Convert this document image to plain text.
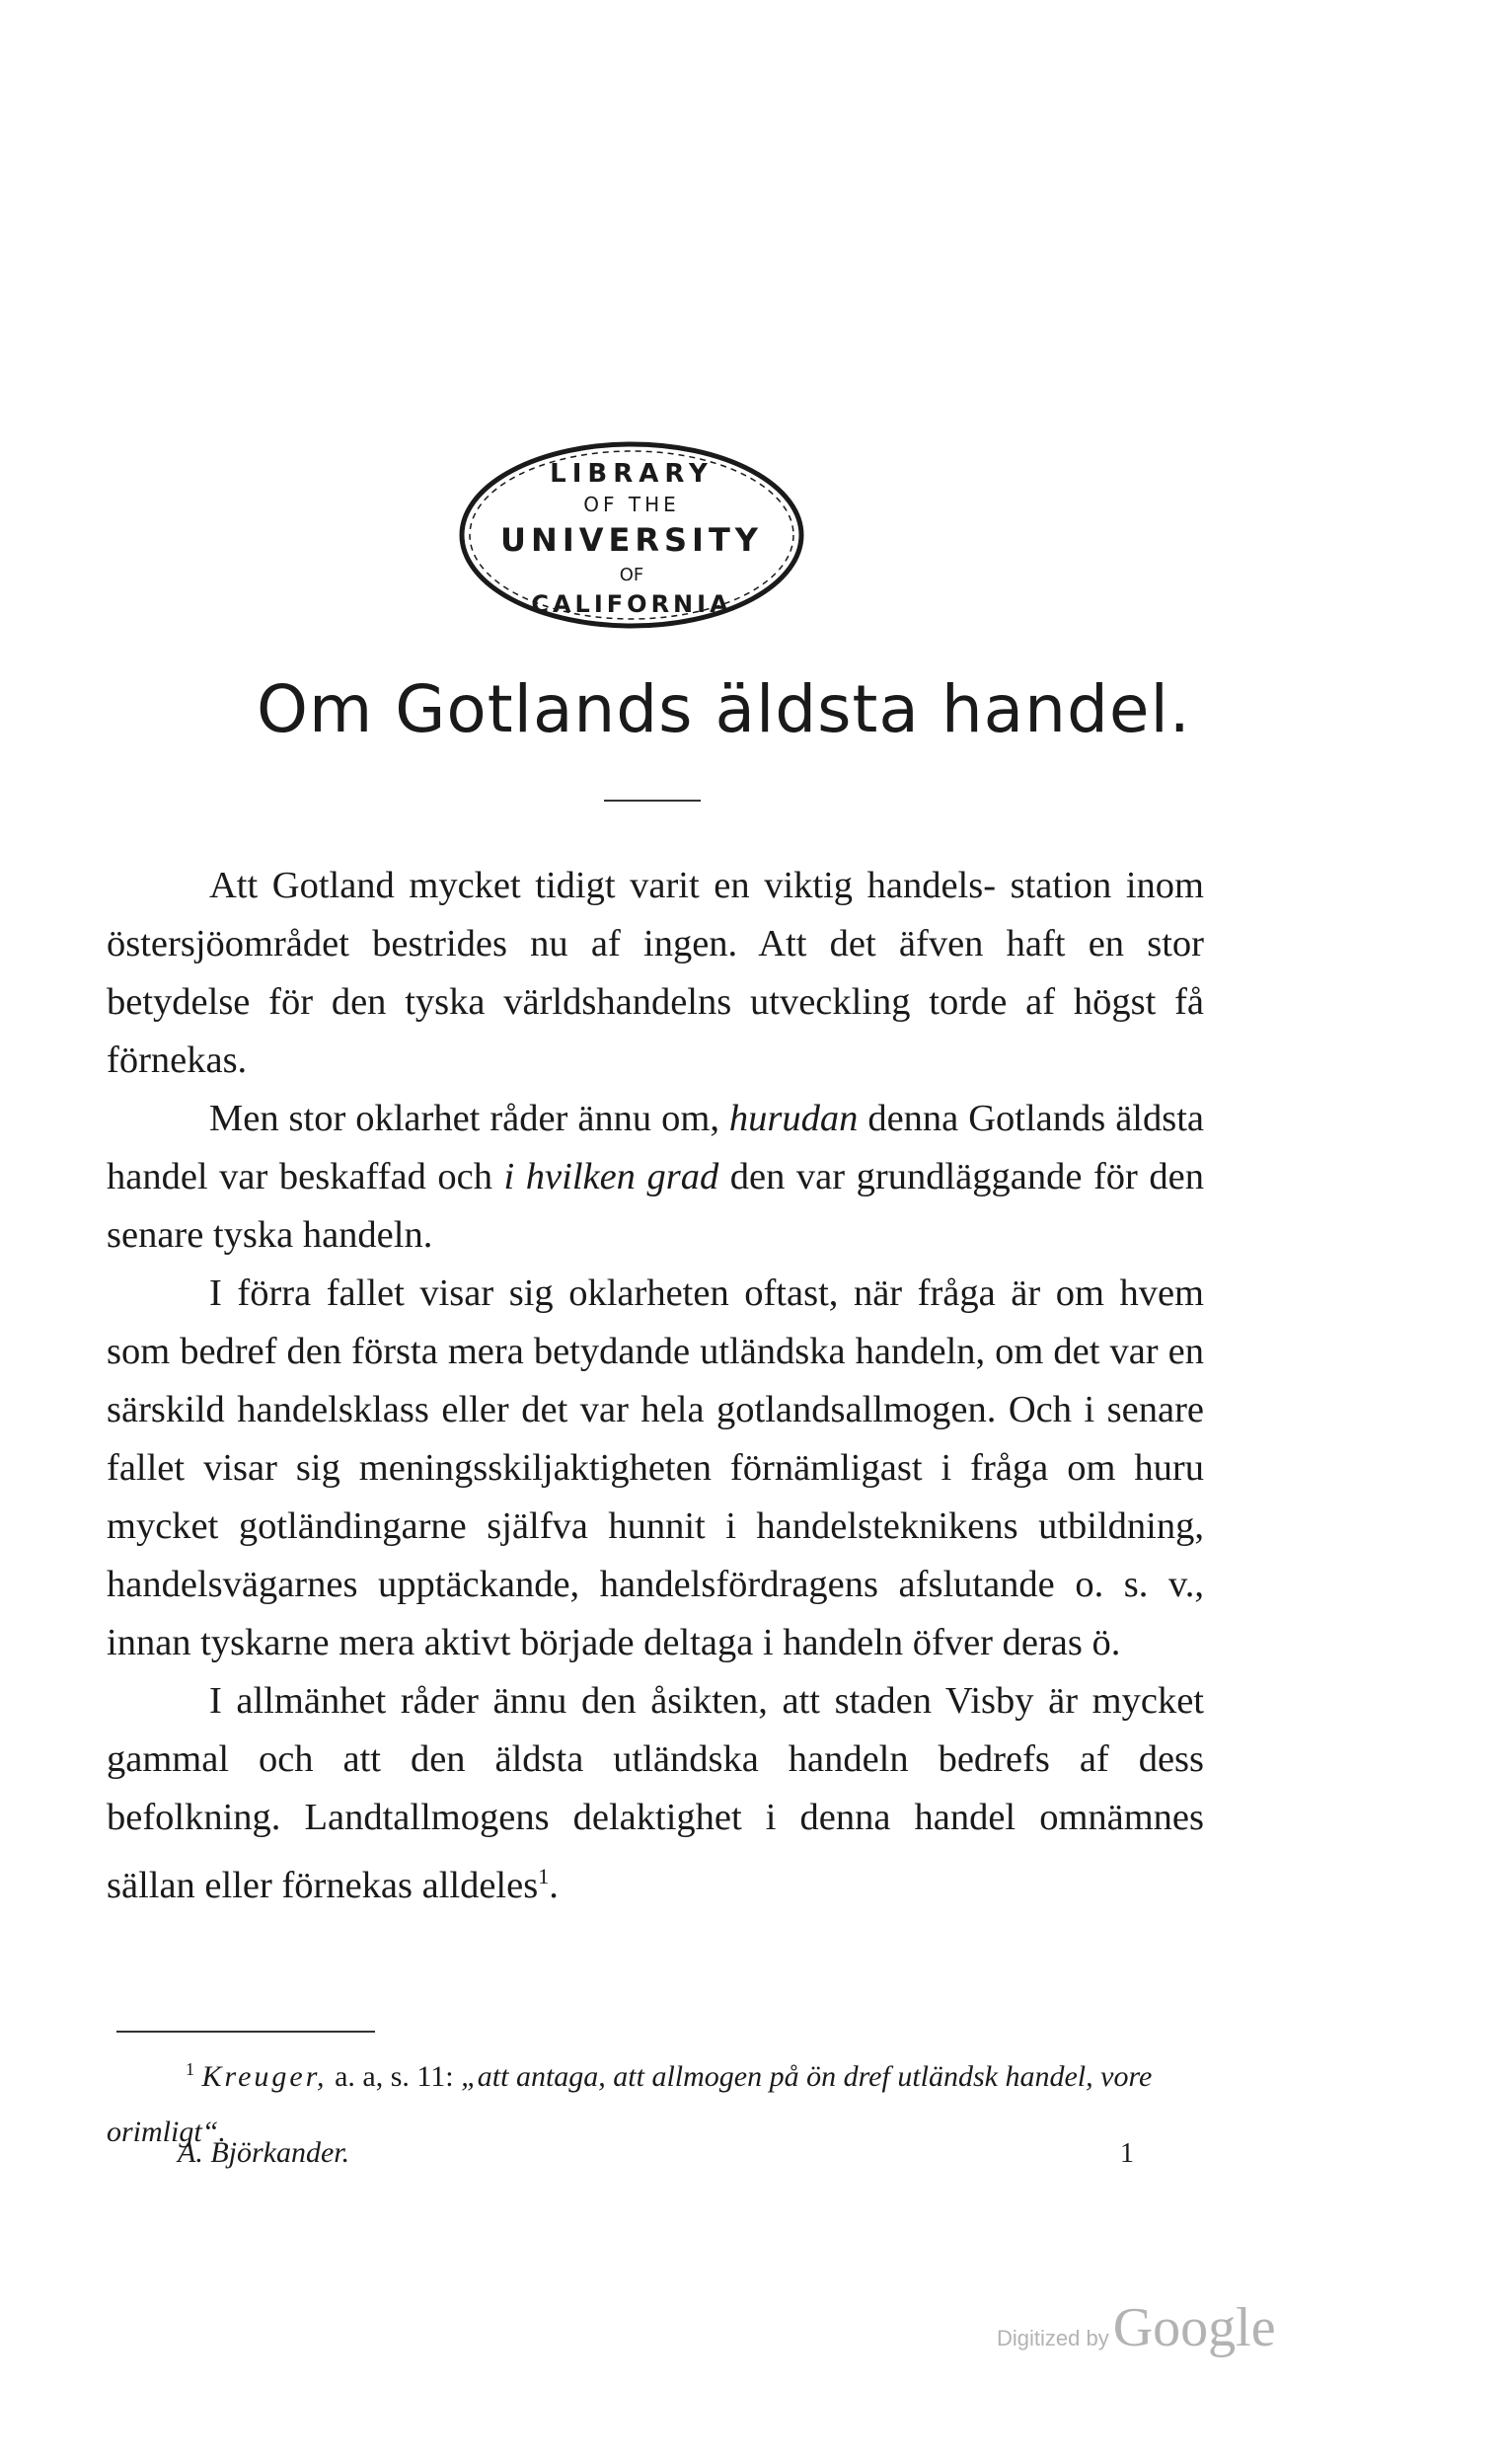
LIBRARY
OF THE
UNIVERSITY
OF
CALIFORNIA
Om Gotlands äldsta handel.

Att Gotland mycket tidigt varit en viktig handels- station inom östersjöområdet bestrides nu af ingen. Att det äfven haft en stor betydelse för den tyska världshandelns utveckling torde af högst få förnekas.

Men stor oklarhet råder ännu om, hurudan denna Gotlands äldsta handel var beskaffad och i hvilken grad den var grundläggande för den senare tyska handeln.

I förra fallet visar sig oklarheten oftast, när fråga är om hvem som bedref den första mera betydande utländska handeln, om det var en särskild handelsklass eller det var hela gotlandsallmogen. Och i senare fallet visar sig meningsskiljaktigheten förnämligast i fråga om huru mycket gotländingarne själfva hunnit i handelsteknikens utbildning, handelsvägarnes upptäckande, handelsfördragens afslutande o. s. v., innan tyskarne mera aktivt började deltaga i handeln öfver deras ö.

I allmänhet råder ännu den åsikten, att staden Visby är mycket gammal och att den äldsta utländska handeln bedrefs af dess befolkning. Landtallmogens delaktighet i denna handel omnämnes sällan eller förnekas alldeles$^1$.

$^1$ Kreuger, a. a, s. 11: „att antaga, att allmogen på ön dref utländsk handel, vore orimligt“.
A. Björkander.	1
Digitized by Google
